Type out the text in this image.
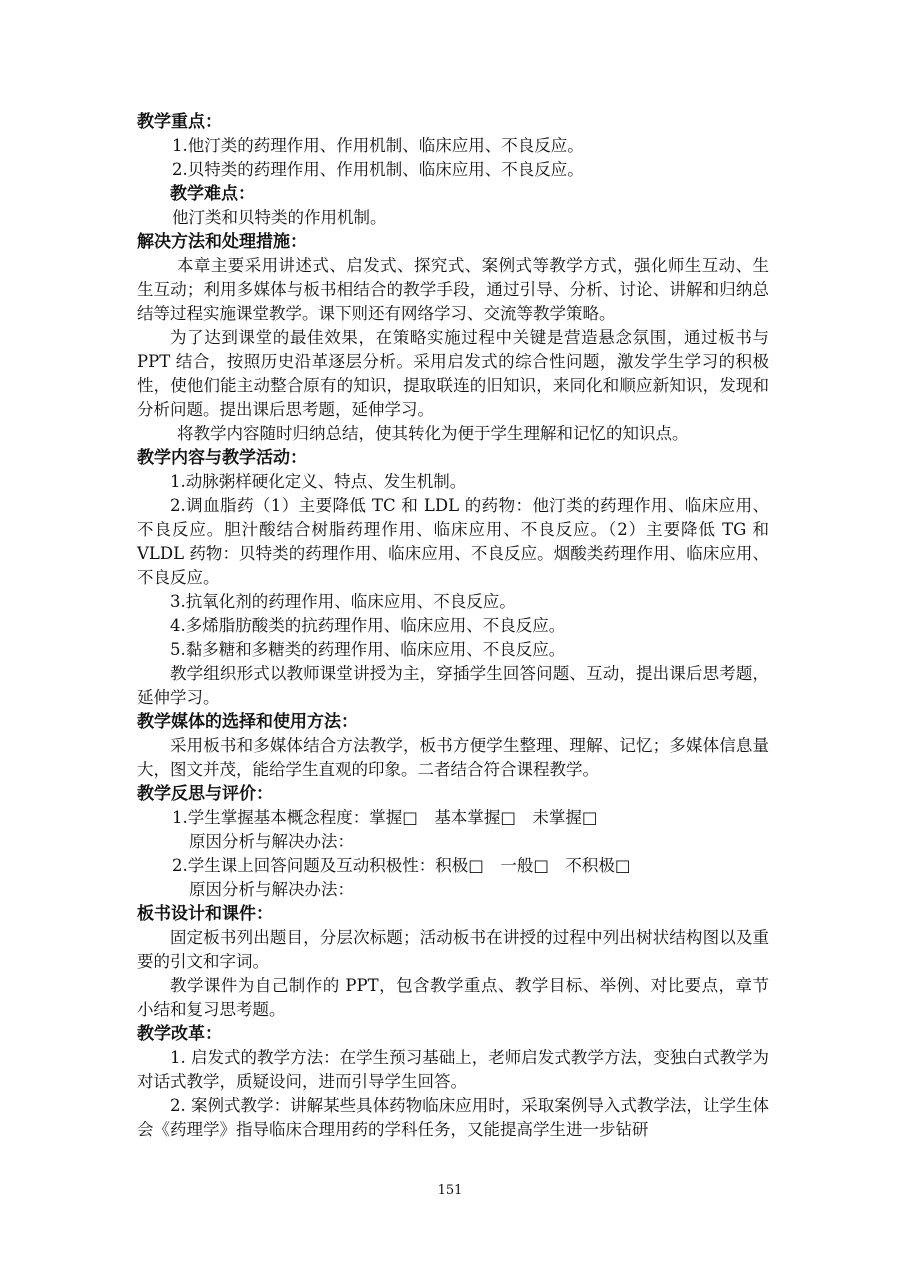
教学重点：

1.他汀类的药理作用、作用机制、临床应用、不良反应。

2.贝特类的药理作用、作用机制、临床应用、不良反应。

教学难点：

他汀类和贝特类的作用机制。

解决方法和处理措施：

本章主要采用讲述式、启发式、探究式、案例式等教学方式，强化师生互动、生生互动；利用多媒体与板书相结合的教学手段，通过引导、分析、讨论、讲解和归纳总结等过程实施课堂教学。课下则还有网络学习、交流等教学策略。

为了达到课堂的最佳效果，在策略实施过程中关键是营造悬念氛围，通过板书与 PPT 结合，按照历史沿革逐层分析。采用启发式的综合性问题，激发学生学习的积极性，使他们能主动整合原有的知识，提取联连的旧知识，来同化和顺应新知识，发现和分析问题。提出课后思考题，延伸学习。

将教学内容随时归纳总结，使其转化为便于学生理解和记忆的知识点。

教学内容与教学活动：

1.动脉粥样硬化定义、特点、发生机制。

2.调血脂药（1）主要降低 TC 和 LDL 的药物：他汀类的药理作用、临床应用、不良反应。胆汁酸结合树脂药理作用、临床应用、不良反应。（2）主要降低 TG 和 VLDL 药物：贝特类的药理作用、临床应用、不良反应。烟酸类药理作用、临床应用、不良反应。

3.抗氧化剂的药理作用、临床应用、不良反应。

4.多烯脂肪酸类的抗药理作用、临床应用、不良反应。

5.黏多糖和多糖类的药理作用、临床应用、不良反应。

教学组织形式以教师课堂讲授为主，穿插学生回答问题、互动，提出课后思考题，延伸学习。

教学媒体的选择和使用方法：

采用板书和多媒体结合方法教学，板书方便学生整理、理解、记忆；多媒体信息量大，图文并茂，能给学生直观的印象。二者结合符合课程教学。

教学反思与评价：

1.学生掌握基本概念程度：掌握□　基本掌握□　未掌握□

原因分析与解决办法：

2.学生课上回答问题及互动积极性：积极□　一般□　不积极□

原因分析与解决办法：

板书设计和课件：

固定板书列出题目，分层次标题；活动板书在讲授的过程中列出树状结构图以及重要的引文和字词。

教学课件为自己制作的 PPT，包含教学重点、教学目标、举例、对比要点，章节小结和复习思考题。

教学改革：

1. 启发式的教学方法：在学生预习基础上，老师启发式教学方法，变独白式教学为对话式教学，质疑设问，进而引导学生回答。

2. 案例式教学：讲解某些具体药物临床应用时，采取案例导入式教学法，让学生体会《药理学》指导临床合理用药的学科任务，又能提高学生进一步钻研

151
